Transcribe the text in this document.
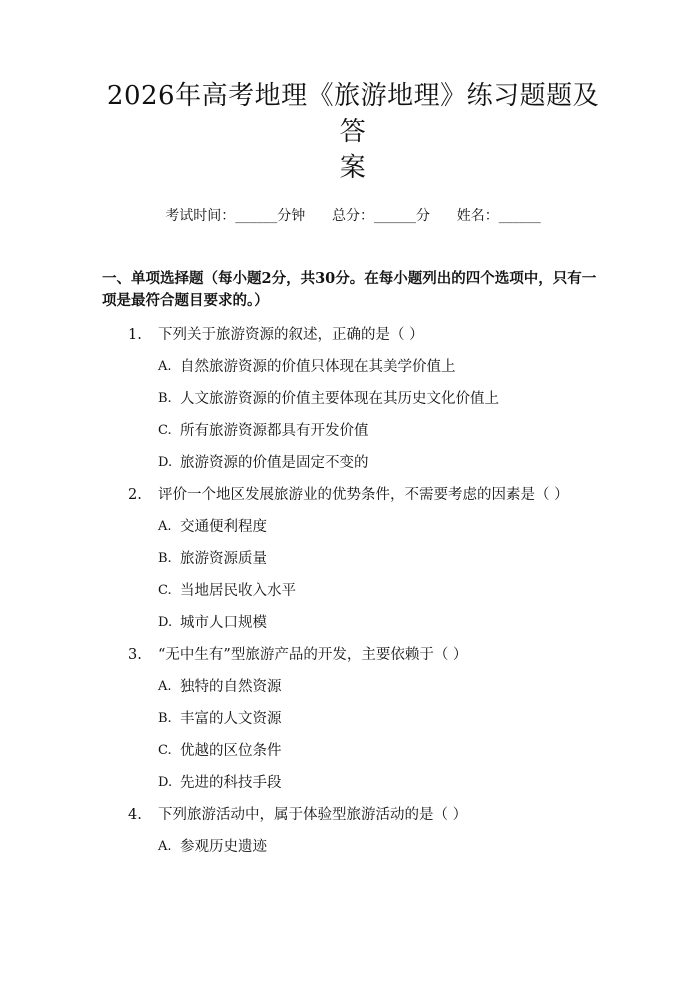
2026年高考地理《旅游地理》练习题题及答
案
考试时间：______分钟      总分：______分      姓名：______
一、单项选择题（每小题2分，共30分。在每小题列出的四个选项中，只有一项是最符合题目要求的。）
1.	下列关于旅游资源的叙述，正确的是（ ）
A. 自然旅游资源的价值只体现在其美学价值上
B. 人文旅游资源的价值主要体现在其历史文化价值上
C. 所有旅游资源都具有开发价值
D. 旅游资源的价值是固定不变的
2.	评价一个地区发展旅游业的优势条件，不需要考虑的因素是（ ）
A. 交通便利程度
B. 旅游资源质量
C. 当地居民收入水平
D. 城市人口规模
3.	“无中生有”型旅游产品的开发，主要依赖于（ ）
A. 独特的自然资源
B. 丰富的人文资源
C. 优越的区位条件
D. 先进的科技手段
4.	下列旅游活动中，属于体验型旅游活动的是（ ）
A. 参观历史遗迹
